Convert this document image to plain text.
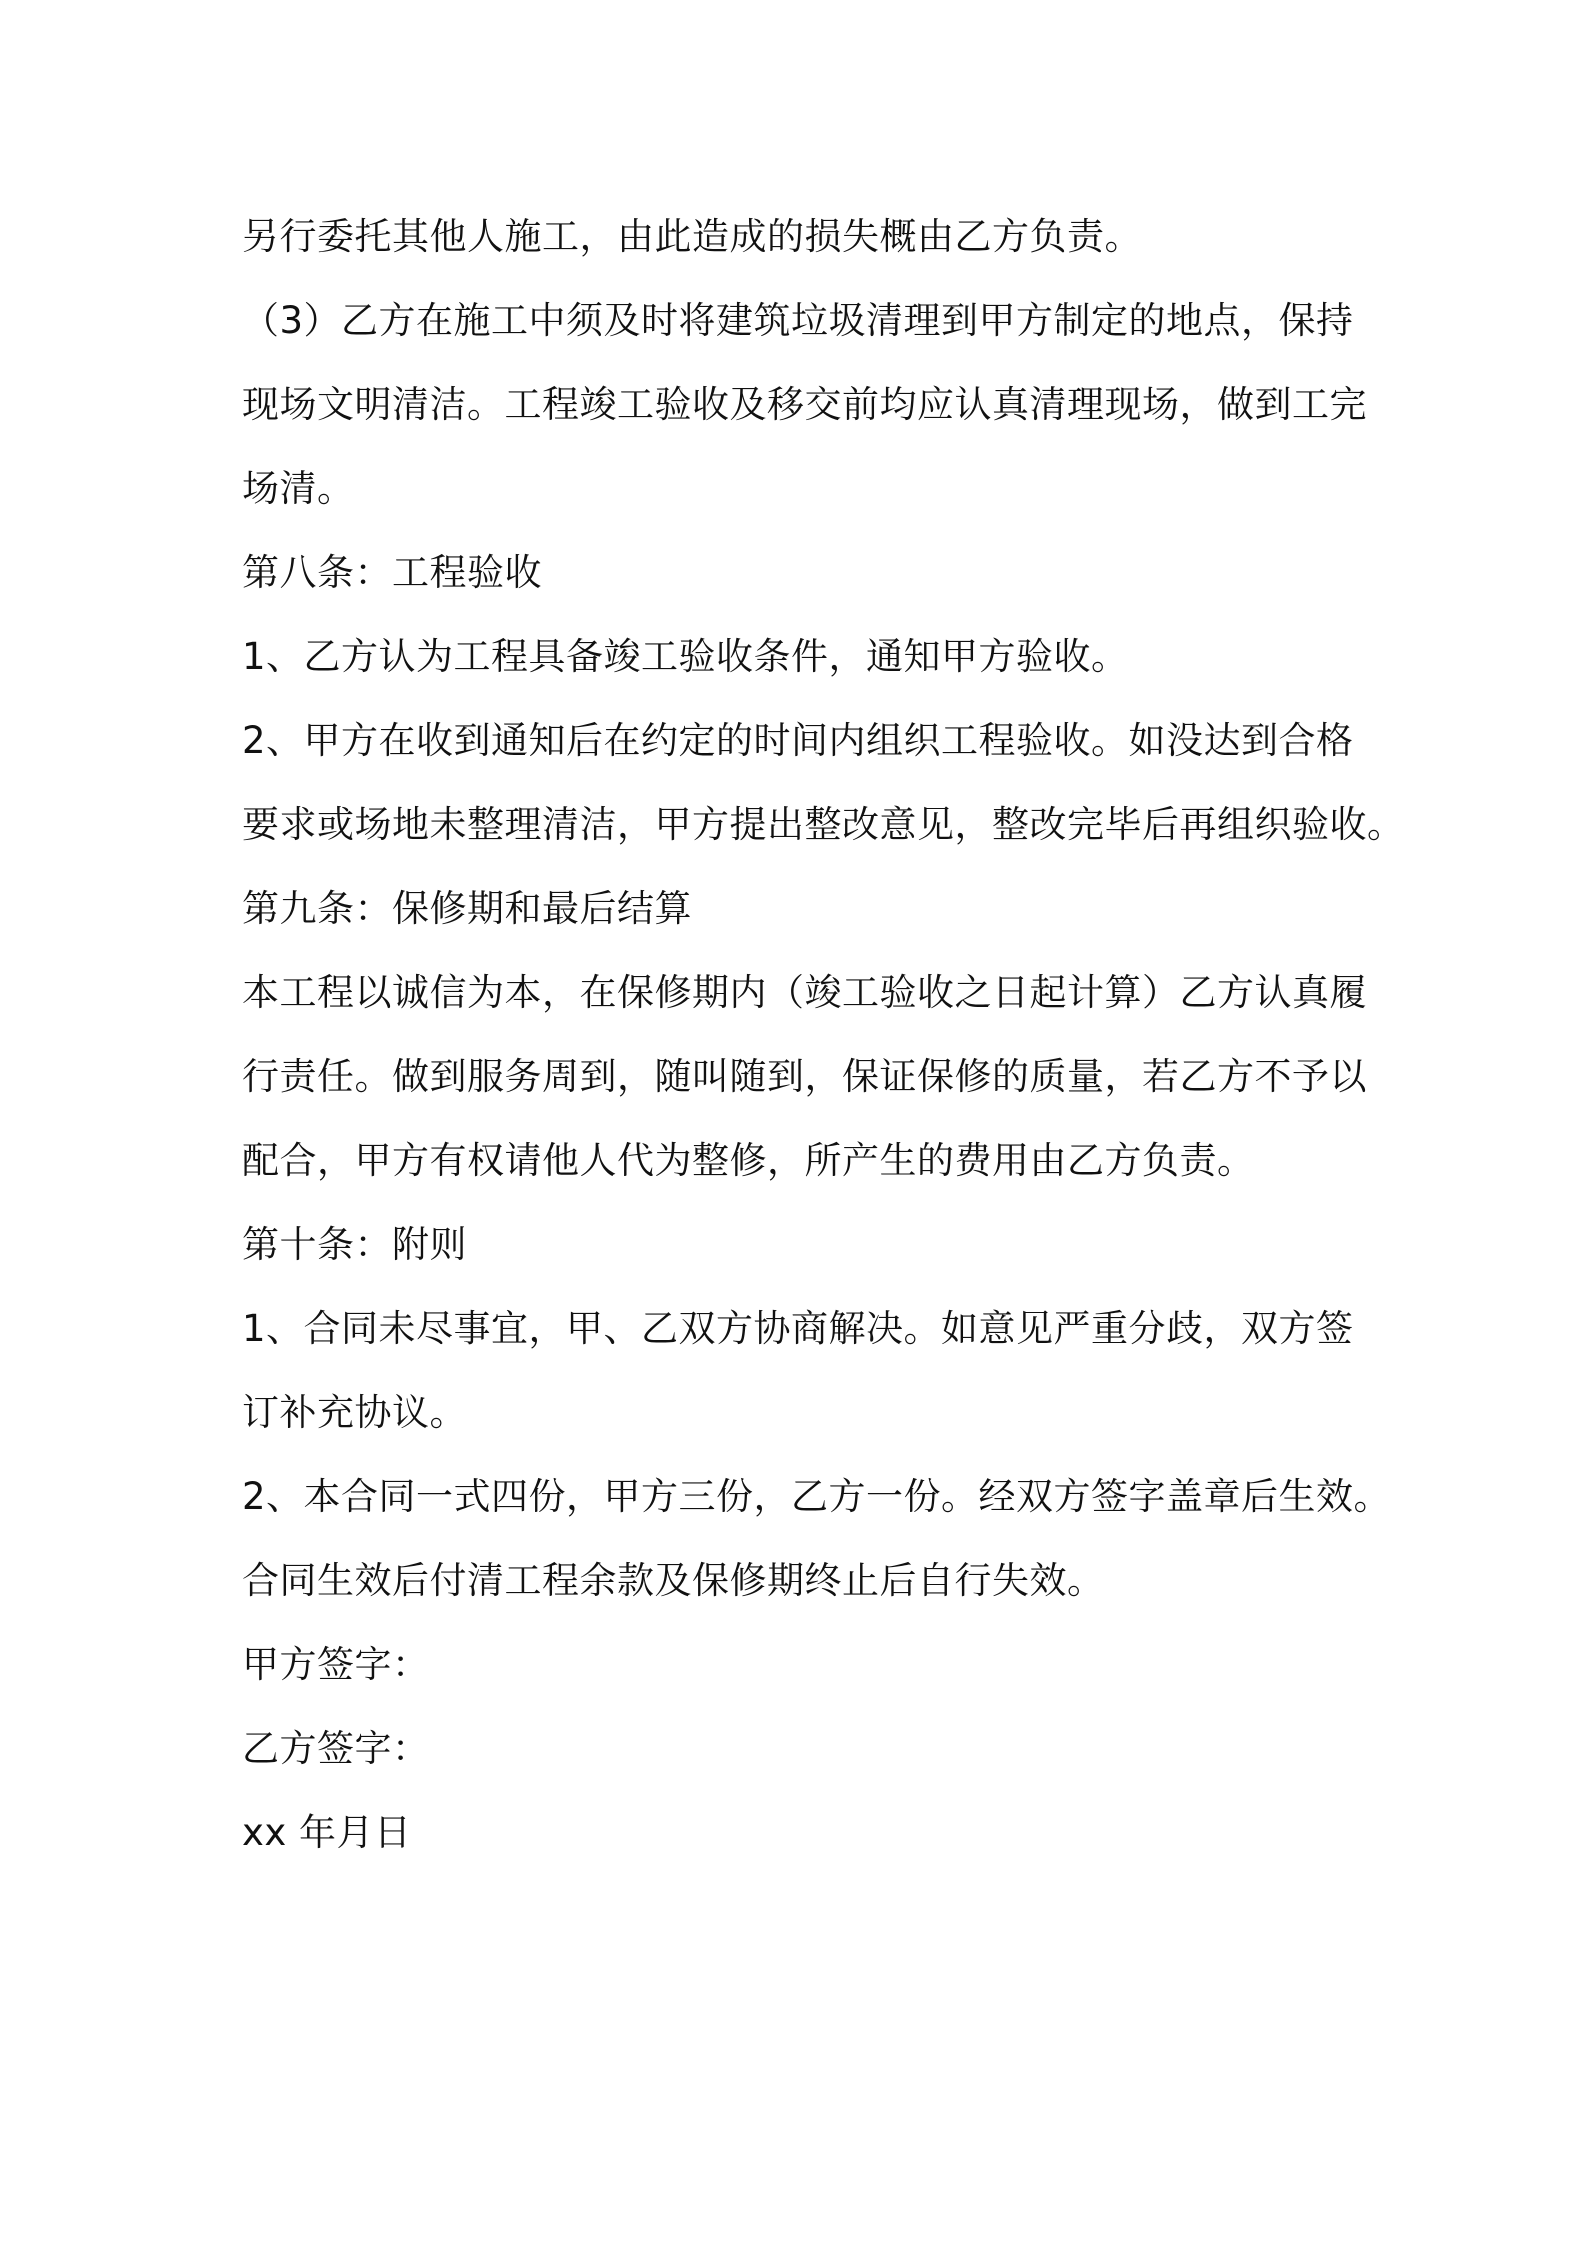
另行委托其他人施工，由此造成的损失概由乙方负责。
（3）乙方在施工中须及时将建筑垃圾清理到甲方制定的地点，保持
现场文明清洁。工程竣工验收及移交前均应认真清理现场，做到工完
场清。
第八条：工程验收
1、乙方认为工程具备竣工验收条件，通知甲方验收。
2、甲方在收到通知后在约定的时间内组织工程验收。如没达到合格
要求或场地未整理清洁，甲方提出整改意见，整改完毕后再组织验收。
第九条：保修期和最后结算
本工程以诚信为本，在保修期内（竣工验收之日起计算）乙方认真履
行责任。做到服务周到，随叫随到，保证保修的质量，若乙方不予以
配合，甲方有权请他人代为整修，所产生的费用由乙方负责。
第十条：附则
1、合同未尽事宜，甲、乙双方协商解决。如意见严重分歧，双方签
订补充协议。
2、本合同一式四份，甲方三份，乙方一份。经双方签字盖章后生效。
合同生效后付清工程余款及保修期终止后自行失效。
甲方签字：
乙方签字：
xx 年月日
